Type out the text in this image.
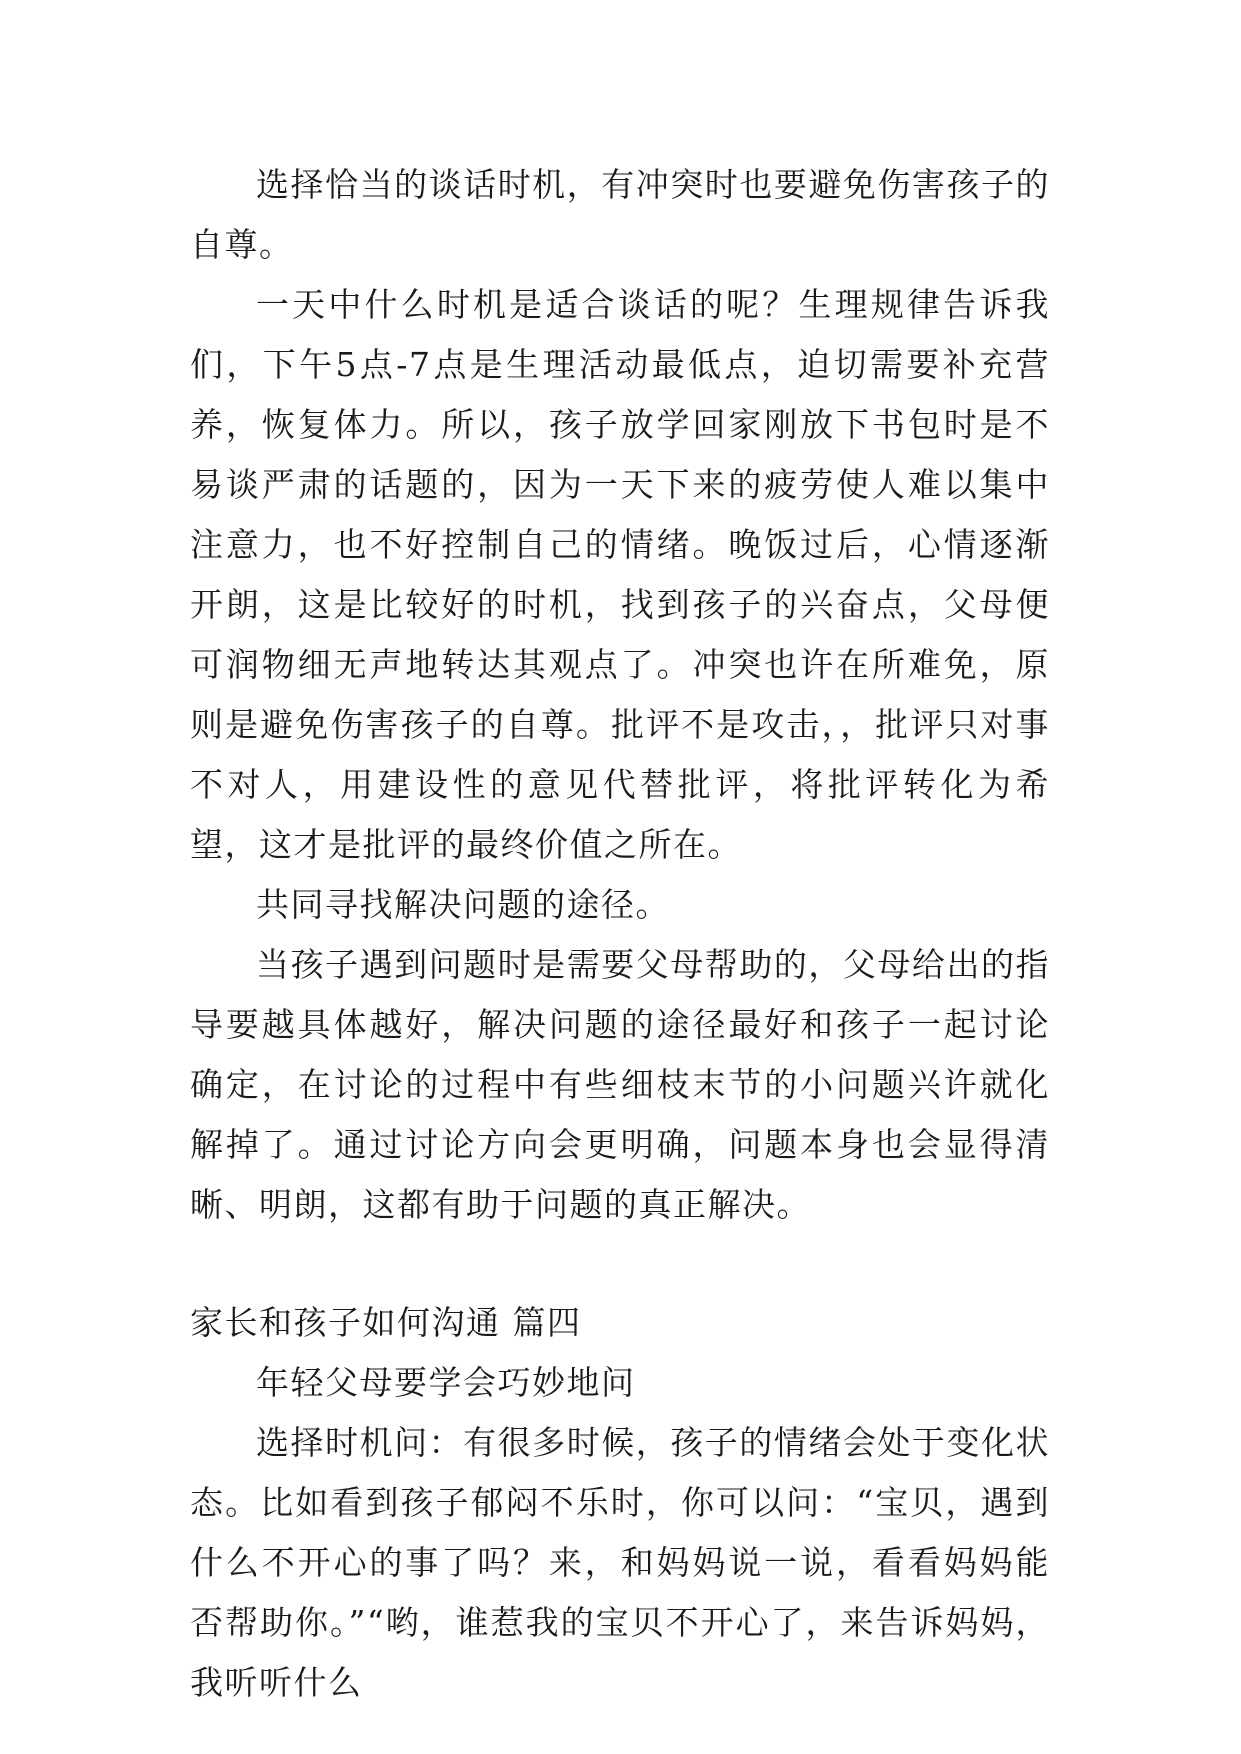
选择恰当的谈话时机，有冲突时也要避免伤害孩子的自尊。

一天中什么时机是适合谈话的呢？生理规律告诉我们，下午5点-7点是生理活动最低点，迫切需要补充营养，恢复体力。所以，孩子放学回家刚放下书包时是不易谈严肃的话题的，因为一天下来的疲劳使人难以集中注意力，也不好控制自己的情绪。晚饭过后，心情逐渐开朗，这是比较好的时机，找到孩子的兴奋点，父母便可润物细无声地转达其观点了。冲突也许在所难免，原则是避免伤害孩子的自尊。批评不是攻击，，批评只对事不对人，用建设性的意见代替批评，将批评转化为希望，这才是批评的最终价值之所在。

共同寻找解决问题的途径。

当孩子遇到问题时是需要父母帮助的，父母给出的指导要越具体越好，解决问题的途径最好和孩子一起讨论确定，在讨论的过程中有些细枝末节的小问题兴许就化解掉了。通过讨论方向会更明确，问题本身也会显得清晰、明朗，这都有助于问题的真正解决。

家长和孩子如何沟通 篇四

年轻父母要学会巧妙地问

选择时机问：有很多时候，孩子的情绪会处于变化状态。比如看到孩子郁闷不乐时，你可以问：“宝贝，遇到什么不开心的事了吗？来，和妈妈说一说，看看妈妈能否帮助你。”“哟，谁惹我的宝贝不开心了，来告诉妈妈，我听听什么
